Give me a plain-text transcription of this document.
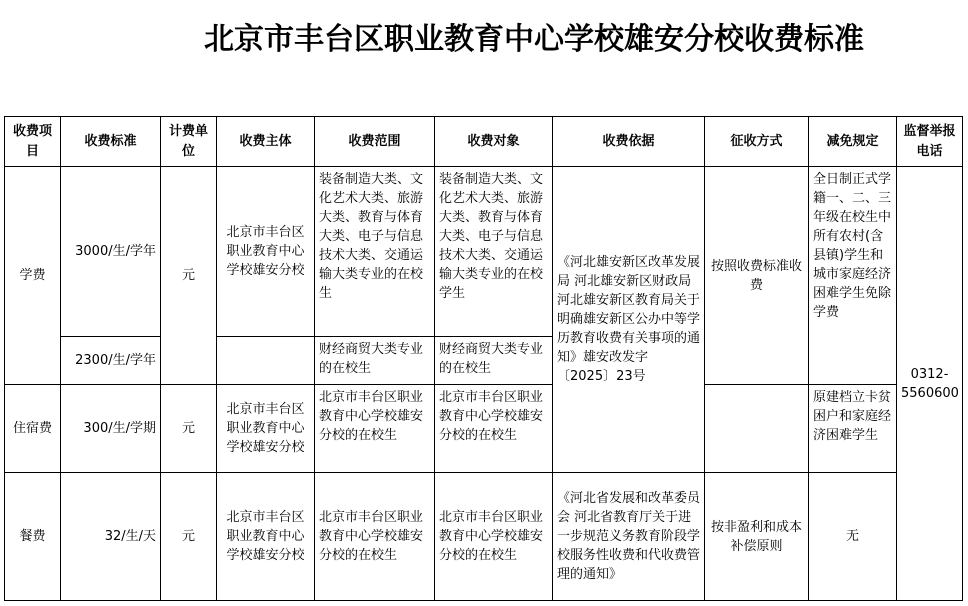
北京市丰台区职业教育中心学校雄安分校收费标准
收费项目	收费标准	计费单位	收费主体	收费范围	收费对象	收费依据	征收方式	减免规定	监督举报电话
学费	3000/生/学年	元	北京市丰台区职业教育中心学校雄安分校	装备制造大类、文化艺术大类、旅游大类、教育与体育大类、电子与信息技术大类、交通运输大类专业的在校生	装备制造大类、文化艺术大类、旅游大类、教育与体育大类、电子与信息技术大类、交通运输大类专业的在校学生	《河北雄安新区改革发展局 河北雄安新区财政局 河北雄安新区教育局关于明确雄安新区公办中等学历教育收费有关事项的通知》雄安改发字〔2025〕23号	按照收费标准收费	全日制正式学籍一、二、三年级在校生中所有农村(含县镇)学生和城市家庭经济困难学生免除学费	0312-5560600
	2300/生/学年			财经商贸大类专业的在校生	财经商贸大类专业的在校生				
住宿费	300/生/学期	元	北京市丰台区职业教育中心学校雄安分校	北京市丰台区职业教育中心学校雄安分校的在校生	北京市丰台区职业教育中心学校雄安分校的在校生			原建档立卡贫困户和家庭经济困难学生	
餐费	32/生/天	元	北京市丰台区职业教育中心学校雄安分校	北京市丰台区职业教育中心学校雄安分校的在校生	北京市丰台区职业教育中心学校雄安分校的在校生	《河北省发展和改革委员会 河北省教育厅关于进一步规范义务教育阶段学校服务性收费和代收费管理的通知》	按非盈利和成本补偿原则	无	
